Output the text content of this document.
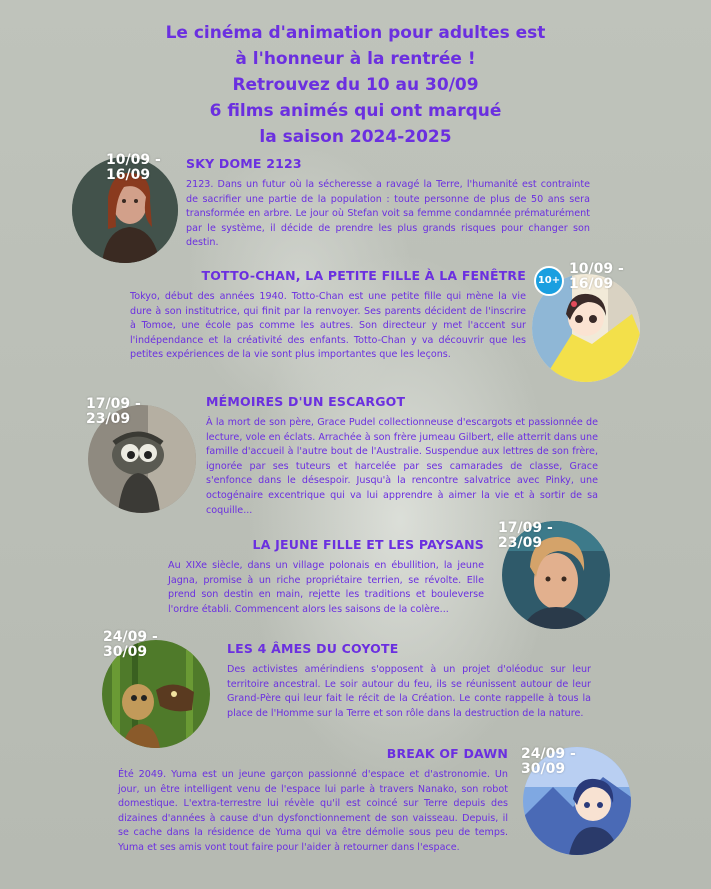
Le cinéma d'animation pour adultes est
à l'honneur à la rentrée !
Retrouvez du 10 au 30/09
6 films animés qui ont marqué
la saison 2024-2025
10/09 -
16/09
SKY DOME 2123

2123. Dans un futur où la sécheresse a ravagé la Terre, l'humanité est contrainte de sacrifier une partie de la population : toute personne de plus de 50 ans sera transformée en arbre. Le jour où Stefan voit sa femme condamnée prématurément par le système, il décide de prendre les plus grands risques pour changer son destin.

10+
10/09 -
16/09
TOTTO-CHAN, LA PETITE FILLE À LA FENÊTRE

Tokyo, début des années 1940. Totto-Chan est une petite fille qui mène la vie dure à son institutrice, qui finit par la renvoyer. Ses parents décident de l'inscrire à Tomoe, une école pas comme les autres. Son directeur y met l'accent sur l'indépendance et la créativité des enfants. Totto-Chan y va découvrir que les petites expériences de la vie sont plus importantes que les leçons.

17/09 -
23/09
MÉMOIRES D'UN ESCARGOT

À la mort de son père, Grace Pudel collectionneuse d'escargots et passionnée de lecture, vole en éclats. Arrachée à son frère jumeau Gilbert, elle atterrit dans une famille d'accueil à l'autre bout de l'Australie. Suspendue aux lettres de son frère, ignorée par ses tuteurs et harcelée par ses camarades de classe, Grace s'enfonce dans le désespoir. Jusqu'à la rencontre salvatrice avec Pinky, une octogénaire excentrique qui va lui apprendre à aimer la vie et à sortir de sa coquille...

17/09 -
23/09
LA JEUNE FILLE ET LES PAYSANS

Au XIXe siècle, dans un village polonais en ébullition, la jeune Jagna, promise à un riche propriétaire terrien, se révolte. Elle prend son destin en main, rejette les traditions et bouleverse l'ordre établi. Commencent alors les saisons de la colère...

24/09 -
30/09	LES 4 ÂMES DU COYOTE

Des activistes amérindiens s'opposent à un projet d'oléoduc sur leur territoire ancestral. Le soir autour du feu, ils se réunissent autour de leur Grand-Père qui leur fait le récit de la Création. Le conte rappelle à tous la place de l'Homme sur la Terre et son rôle dans la destruction de la nature.

24/09 -
30/09
BREAK OF DAWN

Été 2049. Yuma est un jeune garçon passionné d'espace et d'astronomie. Un jour, un être intelligent venu de l'espace lui parle à travers Nanako, son robot domestique. L'extra-terrestre lui révèle qu'il est coincé sur Terre depuis des dizaines d'années à cause d'un dysfonctionnement de son vaisseau. Depuis, il se cache dans la résidence de Yuma qui va être démolie sous peu de temps. Yuma et ses amis vont tout faire pour l'aider à retourner dans l'espace.
